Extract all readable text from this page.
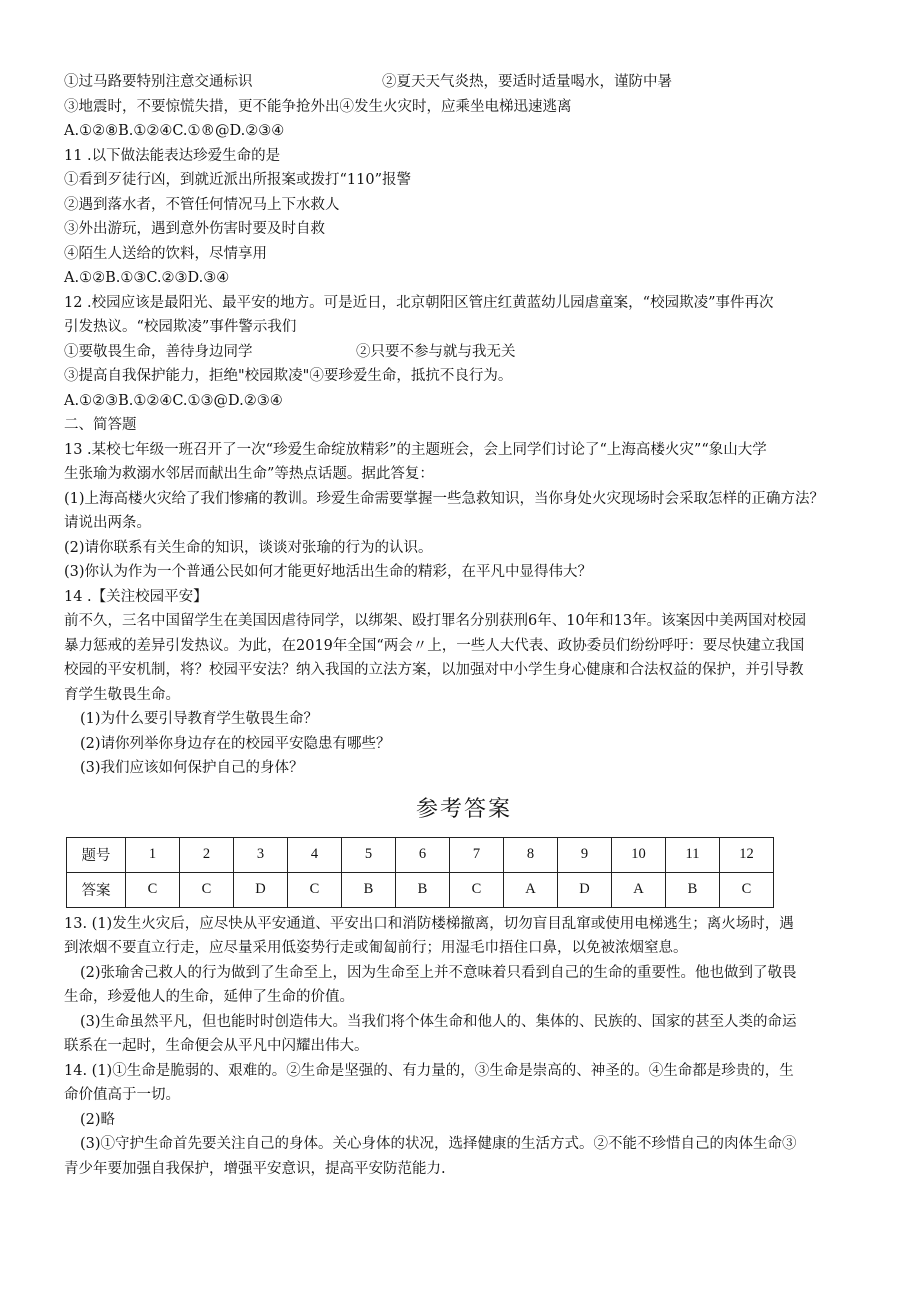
①过马路要特别注意交通标识	②夏天天气炎热，要适时适量喝水，谨防中暑
③地震时，不要惊慌失措，更不能争抢外出④发生火灾时，应乘坐电梯迅速逃离
A.①②⑧B.①②④C.①®@D.②③④
11 .以下做法能表达珍爱生命的是
①看到歹徒行凶，到就近派出所报案或拨打“110”报警
②遇到落水者，不管任何情况马上下水救人
③外出游玩，遇到意外伤害时要及时自救
④陌生人送给的饮料，尽情享用
A.①②B.①③C.②③D.③④
12 .校园应该是最阳光、最平安的地方。可是近日，北京朝阳区管庄红黄蓝幼儿园虐童案，“校园欺凌”事件再次
引发热议。“校园欺凌”事件警示我们
①要敬畏生命，善待身边同学	②只要不参与就与我无关
③提高自我保护能力，拒绝"校园欺凌"④要珍爱生命，抵抗不良行为。
A.①②③B.①②④C.①③@D.②③④
二、简答题
13 .某校七年级一班召开了一次“珍爱生命绽放精彩”的主题班会，会上同学们讨论了“上海高楼火灾”“象山大学
生张瑜为救溺水邻居而献出生命”等热点话题。据此答复：
(1)上海高楼火灾给了我们惨痛的教训。珍爱生命需要掌握一些急救知识，当你身处火灾现场时会采取怎样的正确方法？
请说出两条。
(2)请你联系有关生命的知识，谈谈对张瑜的行为的认识。
(3)你认为作为一个普通公民如何才能更好地活出生命的精彩，在平凡中显得伟大？
14 .【关注校园平安】
前不久，三名中国留学生在美国因虐待同学，以绑架、殴打罪名分别获刑6年、10年和13年。该案因中美两国对校园
暴力惩戒的差异引发热议。为此，在2019年全国“两会〃上，一些人大代表、政协委员们纷纷呼吁：要尽快建立我国
校园的平安机制，将？校园平安法？纳入我国的立法方案，以加强对中小学生身心健康和合法权益的保护，并引导教
育学生敬畏生命。
(1)为什么要引导教育学生敬畏生命？
(2)请你列举你身边存在的校园平安隐患有哪些？
(3)我们应该如何保护自己的身体？
参考答案
题号	1	2	3	4	5	6	7	8	9	10	11	12
答案	C	C	D	C	B	B	C	A	D	A	B	C
13. (1)发生火灾后，应尽快从平安通道、平安出口和消防楼梯撤离，切勿盲目乱窜或使用电梯逃生；离火场时，遇
到浓烟不要直立行走，应尽量采用低姿势行走或匍匐前行；用湿毛巾捂住口鼻，以免被浓烟窒息。
(2)张瑜舍己救人的行为做到了生命至上，因为生命至上并不意味着只看到自己的生命的重要性。他也做到了敬畏
生命，珍爱他人的生命，延伸了生命的价值。
(3)生命虽然平凡，但也能时时创造伟大。当我们将个体生命和他人的、集体的、民族的、国家的甚至人类的命运
联系在一起时，生命便会从平凡中闪耀出伟大。
14. (1)①生命是脆弱的、艰难的。②生命是坚强的、有力量的，③生命是崇高的、神圣的。④生命都是珍贵的，生
命价值高于一切。
(2)略
(3)①守护生命首先要关注自己的身体。关心身体的状况，选择健康的生活方式。②不能不珍惜自己的肉体生命③
青少年要加强自我保护，增强平安意识，提高平安防范能力.
